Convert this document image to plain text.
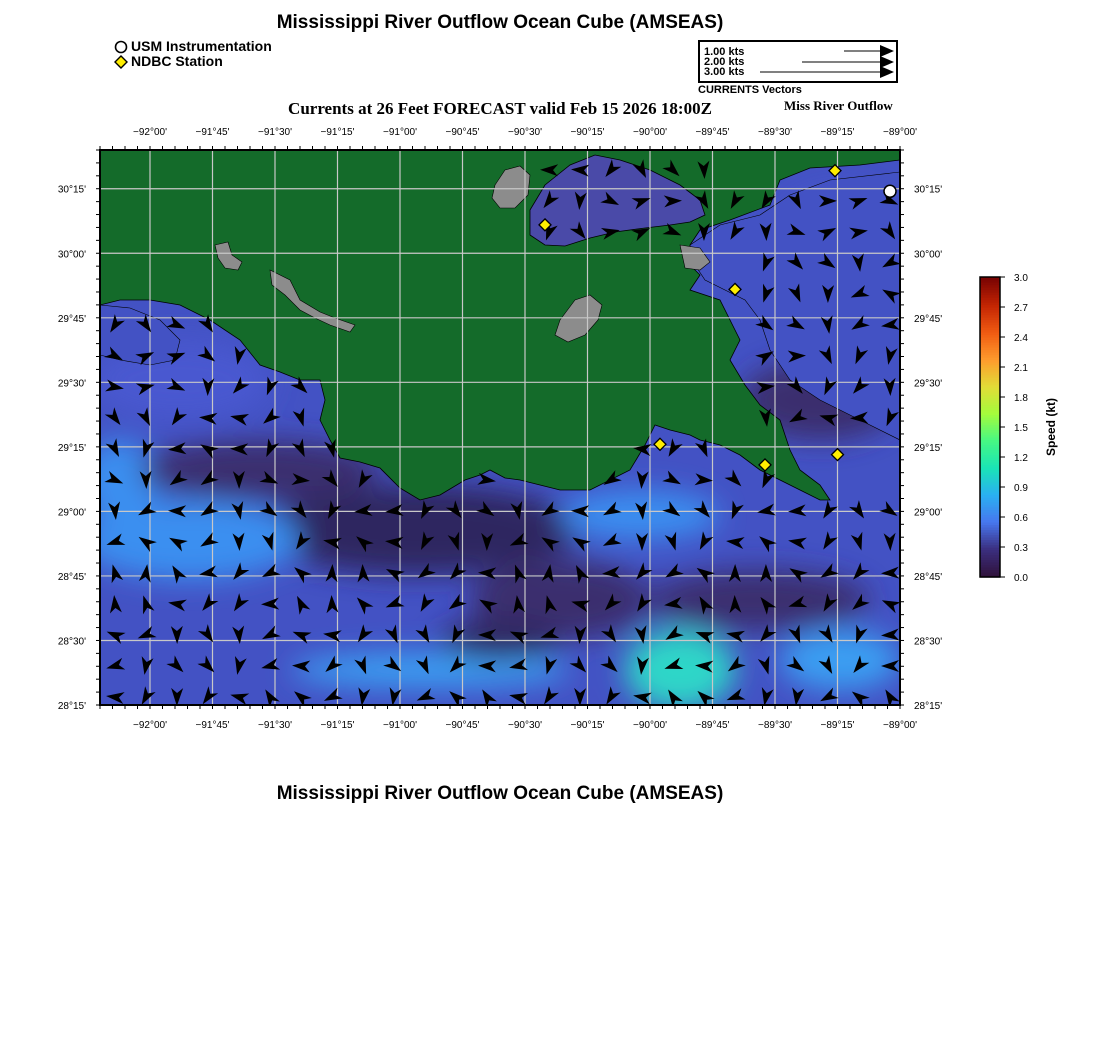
Mississippi River Outflow Ocean Cube (AMSEAS)
USM Instrumentation
NDBC Station
1.00 kts
2.00 kts
3.00 kts
CURRENTS Vectors
Currents at 26 Feet FORECAST valid Feb 15 2026 18:00Z	Miss River Outflow
−92°00'
−92°00'
−91°45'
−91°45'
−91°30'
−91°30'
−91°15'
−91°15'
−91°00'
−91°00'
−90°45'
−90°45'
−90°30'
−90°30'
−90°15'
−90°15'
−90°00'
−90°00'
−89°45'
−89°45'
−89°30'
−89°30'
−89°15'
−89°15'
−89°00'
−89°00'
30°15'	30°15'
30°00'	30°00'
29°45'	29°45'
29°30'	29°30'
29°15'	29°15'
29°00'	29°00'
28°45'	28°45'
28°30'	28°30'
28°15'	28°15'
3.0
2.7
2.4
2.1
1.8
1.5
1.2
0.9
0.6
0.3
0.0
Speed (kt)
Mississippi River Outflow Ocean Cube (AMSEAS)
